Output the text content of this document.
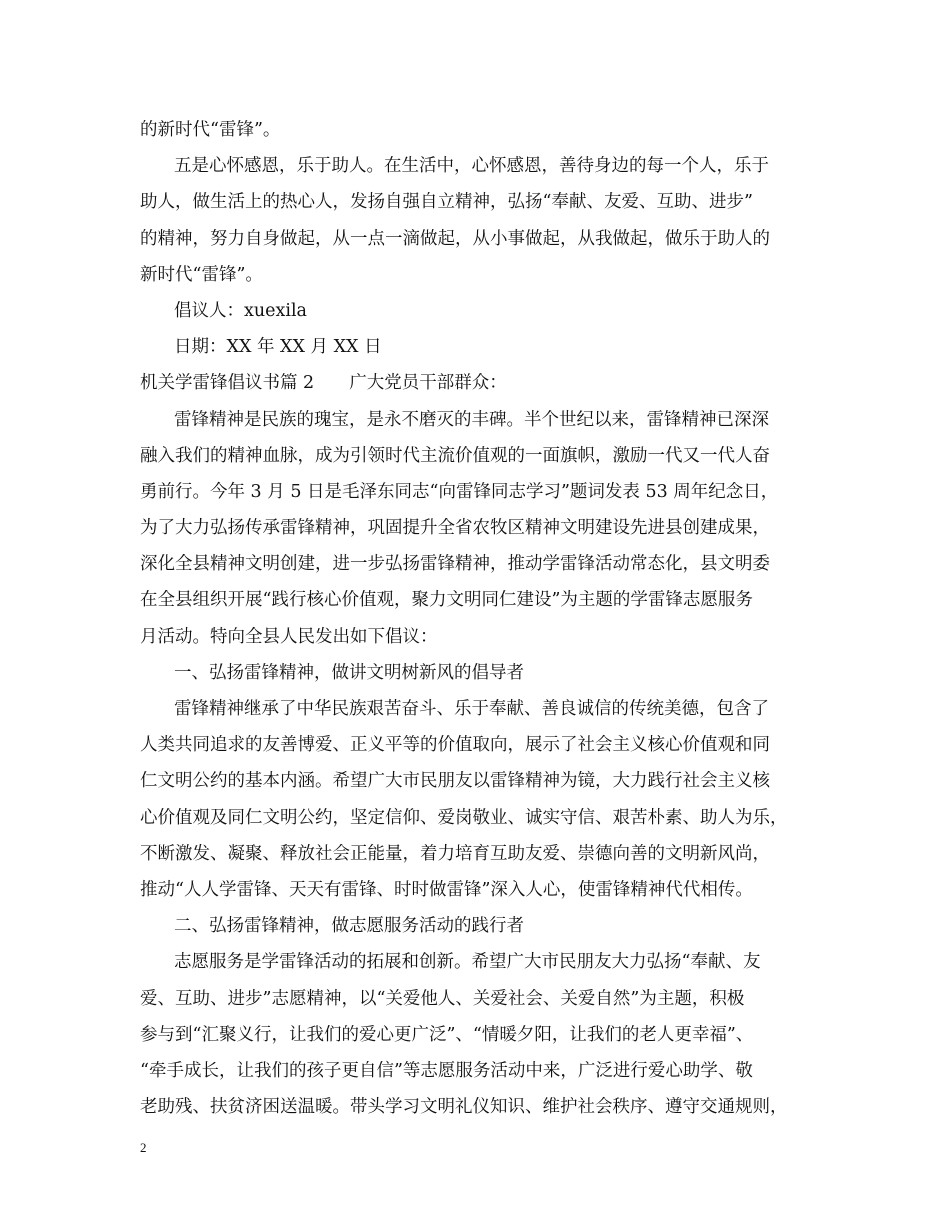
的新时代“雷锋”。
五是心怀感恩，乐于助人。在生活中，心怀感恩，善待身边的每一个人，乐于
助人，做生活上的热心人，发扬自强自立精神，弘扬“奉献、友爱、互助、进步”
的精神，努力自身做起，从一点一滴做起，从小事做起，从我做起，做乐于助人的
新时代“雷锋”。
倡议人：xuexila
日期：XX 年 XX 月 XX 日
机关学雷锋倡议书篇 2　　广大党员干部群众：
雷锋精神是民族的瑰宝，是永不磨灭的丰碑。半个世纪以来，雷锋精神已深深
融入我们的精神血脉，成为引领时代主流价值观的一面旗帜，激励一代又一代人奋
勇前行。今年 3 月 5 日是毛泽东同志“向雷锋同志学习”题词发表 53 周年纪念日，
为了大力弘扬传承雷锋精神，巩固提升全省农牧区精神文明建设先进县创建成果，
深化全县精神文明创建，进一步弘扬雷锋精神，推动学雷锋活动常态化，县文明委
在全县组织开展“践行核心价值观，聚力文明同仁建设”为主题的学雷锋志愿服务
月活动。特向全县人民发出如下倡议：
一、弘扬雷锋精神，做讲文明树新风的倡导者
雷锋精神继承了中华民族艰苦奋斗、乐于奉献、善良诚信的传统美德，包含了
人类共同追求的友善博爱、正义平等的价值取向，展示了社会主义核心价值观和同
仁文明公约的基本内涵。希望广大市民朋友以雷锋精神为镜，大力践行社会主义核
心价值观及同仁文明公约，坚定信仰、爱岗敬业、诚实守信、艰苦朴素、助人为乐，
不断激发、凝聚、释放社会正能量，着力培育互助友爱、崇德向善的文明新风尚，
推动“人人学雷锋、天天有雷锋、时时做雷锋”深入人心，使雷锋精神代代相传。
二、弘扬雷锋精神，做志愿服务活动的践行者
志愿服务是学雷锋活动的拓展和创新。希望广大市民朋友大力弘扬“奉献、友
爱、互助、进步”志愿精神，以“关爱他人、关爱社会、关爱自然”为主题，积极
参与到“汇聚义行，让我们的爱心更广泛”、“情暖夕阳，让我们的老人更幸福”、
“牵手成长，让我们的孩子更自信”等志愿服务活动中来，广泛进行爱心助学、敬
老助残、扶贫济困送温暖。带头学习文明礼仪知识、维护社会秩序、遵守交通规则，
2
